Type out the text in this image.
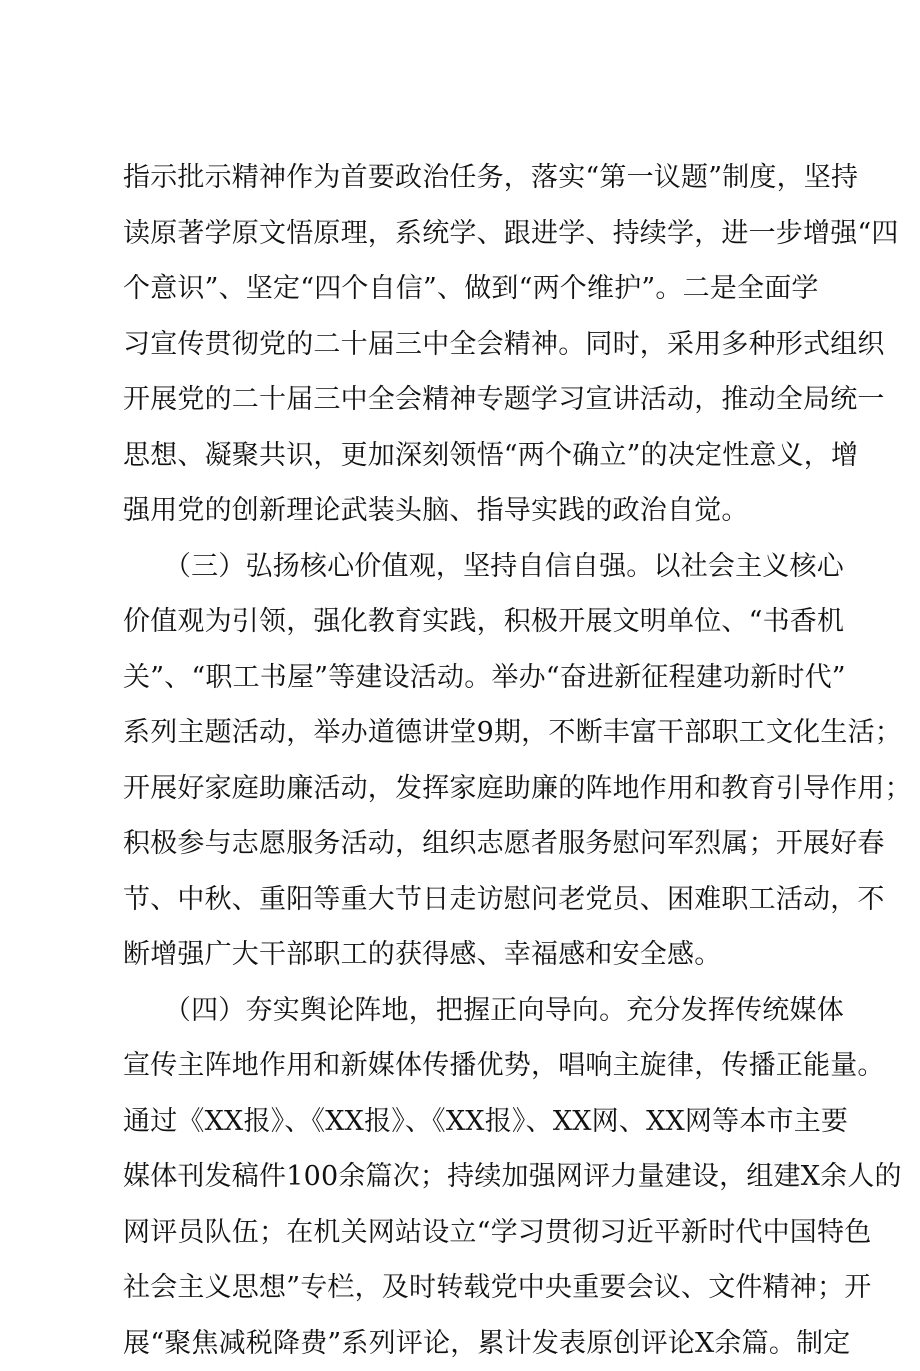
指示批示精神作为首要政治任务，落实“第一议题”制度，坚持
读原著学原文悟原理，系统学、跟进学、持续学，进一步增强“四
个意识”、坚定“四个自信”、做到“两个维护”。二是全面学
习宣传贯彻党的二十届三中全会精神。同时，采用多种形式组织
开展党的二十届三中全会精神专题学习宣讲活动，推动全局统一
思想、凝聚共识，更加深刻领悟“两个确立”的决定性意义，增
强用党的创新理论武装头脑、指导实践的政治自觉。
　　（三）弘扬核心价值观，坚持自信自强。以社会主义核心
价值观为引领，强化教育实践，积极开展文明单位、“书香机
关”、“职工书屋”等建设活动。举办“奋进新征程建功新时代”
系列主题活动，举办道德讲堂9期，不断丰富干部职工文化生活；
开展好家庭助廉活动，发挥家庭助廉的阵地作用和教育引导作用；
积极参与志愿服务活动，组织志愿者服务慰问军烈属；开展好春
节、中秋、重阳等重大节日走访慰问老党员、困难职工活动，不
断增强广大干部职工的获得感、幸福感和安全感。
　　（四）夯实舆论阵地，把握正向导向。充分发挥传统媒体
宣传主阵地作用和新媒体传播优势，唱响主旋律，传播正能量。
通过《XX报》、《XX报》、《XX报》、XX网、XX网等本市主要
媒体刊发稿件100余篇次；持续加强网评力量建设，组建X余人的
网评员队伍；在机关网站设立“学习贯彻习近平新时代中国特色
社会主义思想”专栏，及时转载党中央重要会议、文件精神；开
展“聚焦减税降费”系列评论，累计发表原创评论X余篇。制定
